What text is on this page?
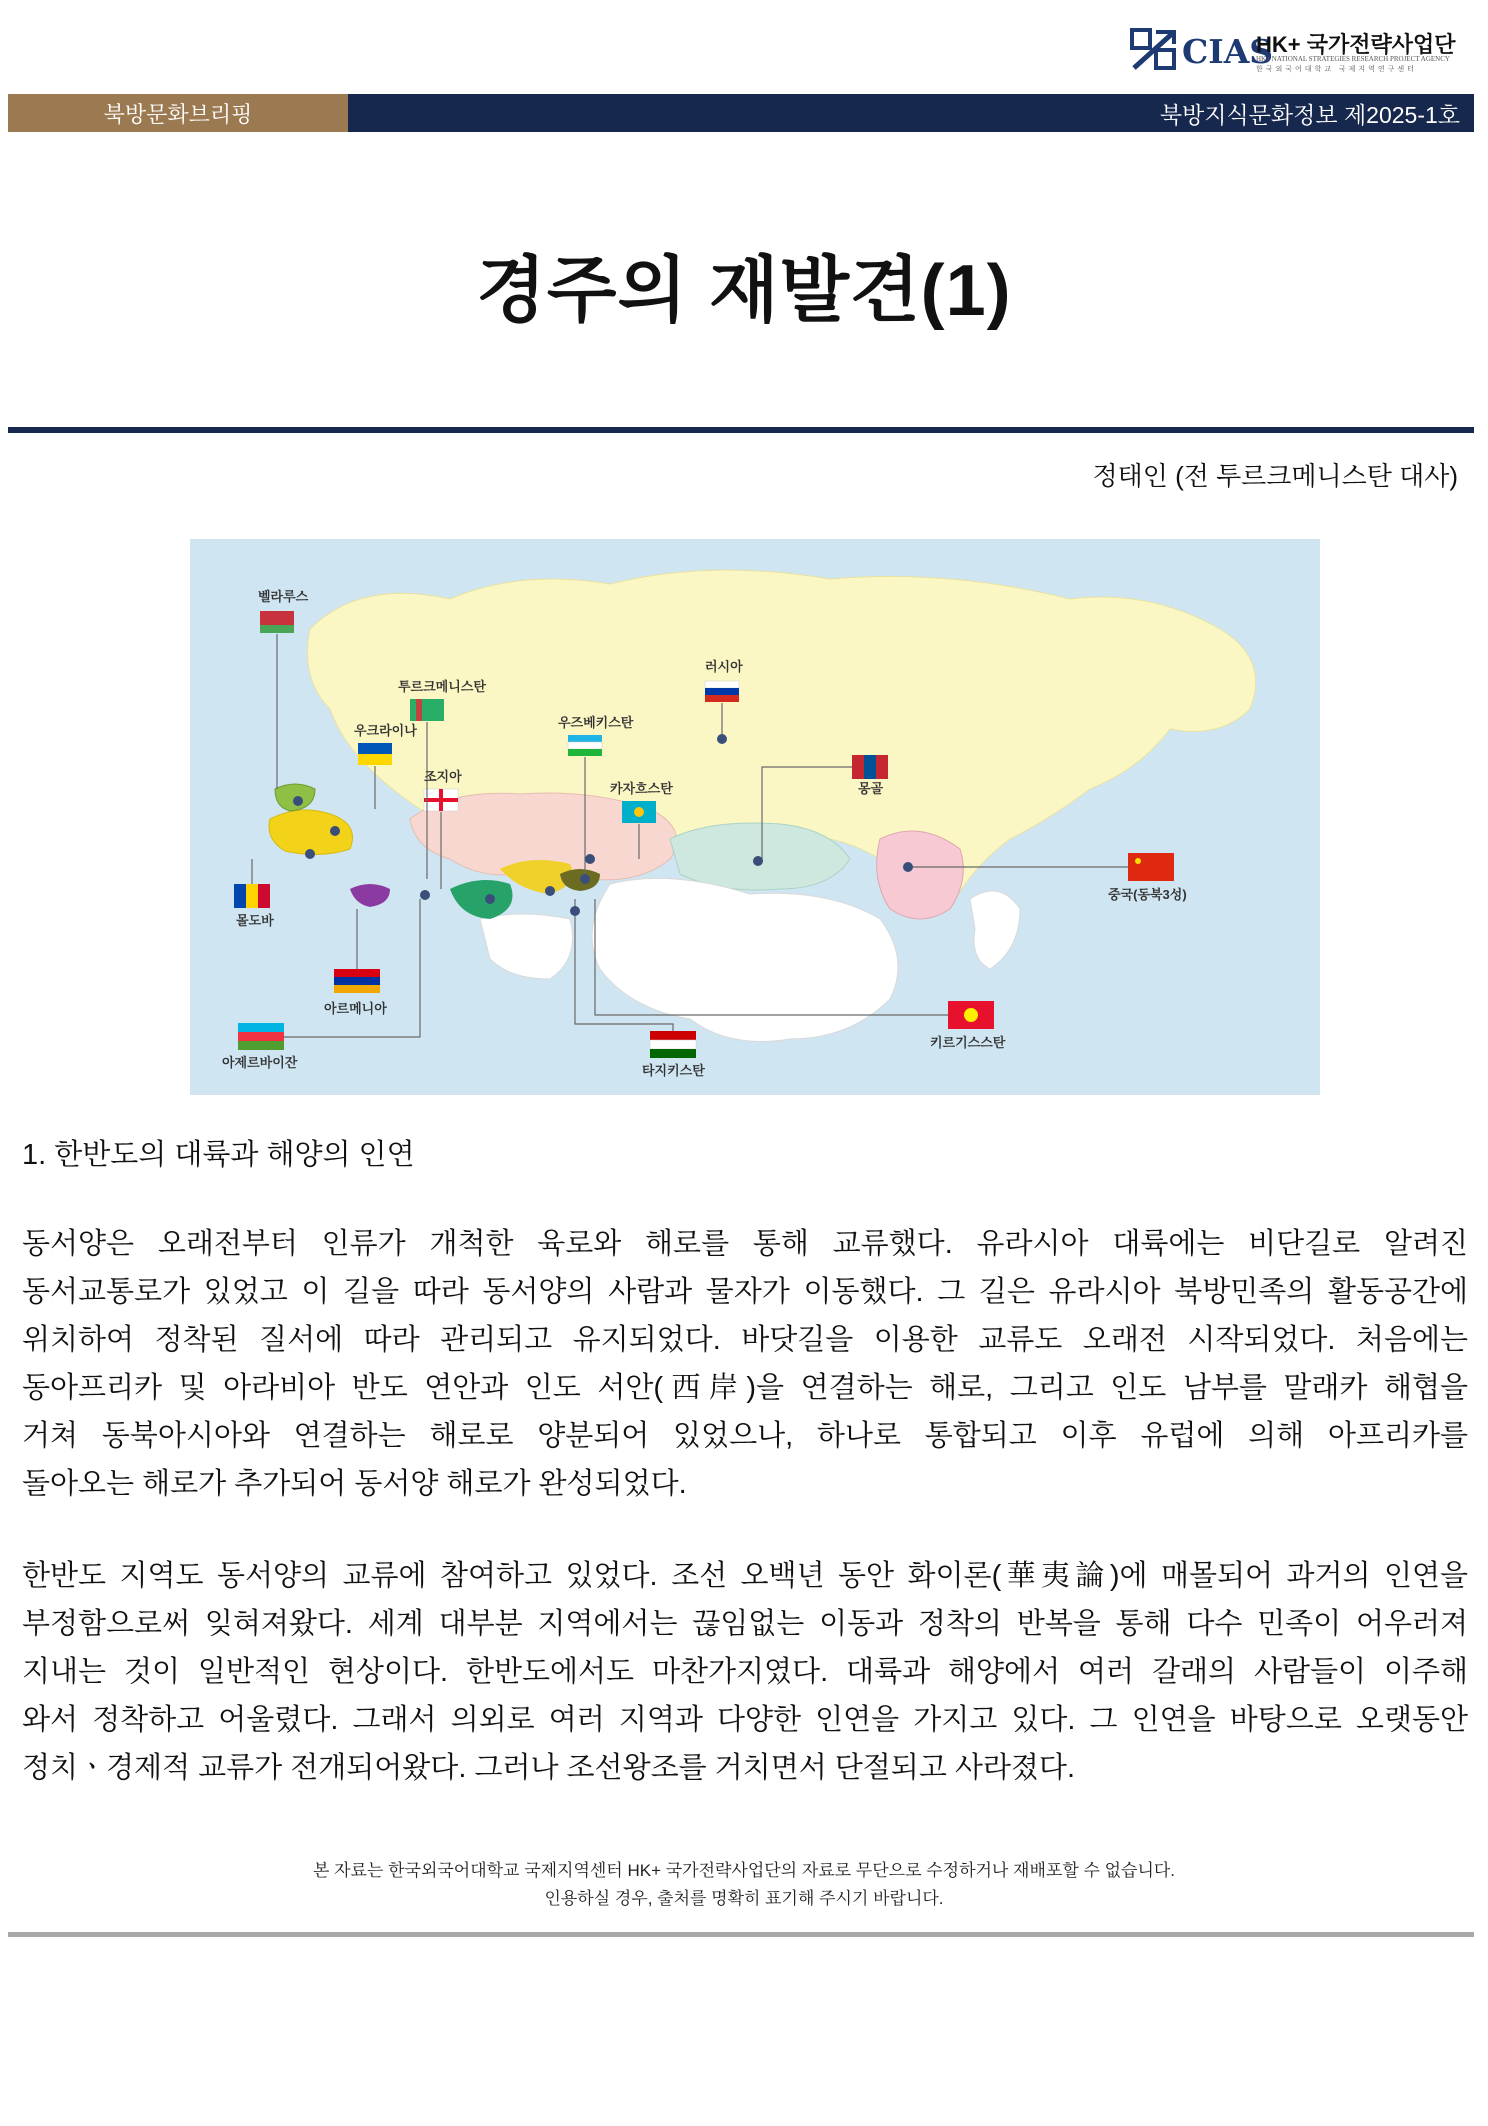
CIAS
HK+ 국가전략사업단
HK+ NATIONAL STRATEGIES RESEARCH PROJECT AGENCY
한국외국어대학교 국제지역연구센터
북방문화브리핑	북방지식문화정보 제2025-1호
경주의 재발견(1)
정태인 (전 투르크메니스탄 대사)
벨라루스
투르크메니스탄
러시아
우크라이나
우즈베키스탄
조지아
몽골
카자흐스탄
몰도바
중국(동북3성)
아르메니아
아제르바이잔
키르기스스탄
타지키스탄
1. 한반도의 대륙과 해양의 인연
동서양은 오래전부터 인류가 개척한 육로와 해로를 통해 교류했다. 유라시아 대륙에는 비단길로 알려진
동서교통로가 있었고 이 길을 따라 동서양의 사람과 물자가 이동했다. 그 길은 유라시아 북방민족의 활동공간에
위치하여 정착된 질서에 따라 관리되고 유지되었다. 바닷길을 이용한 교류도 오래전 시작되었다. 처음에는
동아프리카 및 아라비아 반도 연안과 인도 서안(西岸)을 연결하는 해로, 그리고 인도 남부를 말래카 해협을
거쳐 동북아시아와 연결하는 해로로 양분되어 있었으나, 하나로 통합되고 이후 유럽에 의해 아프리카를
돌아오는 해로가 추가되어 동서양 해로가 완성되었다.
한반도 지역도 동서양의 교류에 참여하고 있었다. 조선 오백년 동안 화이론(華夷論)에 매몰되어 과거의 인연을
부정함으로써 잊혀져왔다. 세계 대부분 지역에서는 끊임없는 이동과 정착의 반복을 통해 다수 민족이 어우러져
지내는 것이 일반적인 현상이다. 한반도에서도 마찬가지였다. 대륙과 해양에서 여러 갈래의 사람들이 이주해
와서 정착하고 어울렸다. 그래서 의외로 여러 지역과 다양한 인연을 가지고 있다. 그 인연을 바탕으로 오랫동안
정치ㆍ경제적 교류가 전개되어왔다. 그러나 조선왕조를 거치면서 단절되고 사라졌다.
본 자료는 한국외국어대학교 국제지역센터 HK+ 국가전략사업단의 자료로 무단으로 수정하거나 재배포할 수 없습니다.
인용하실 경우, 출처를 명확히 표기해 주시기 바랍니다.
